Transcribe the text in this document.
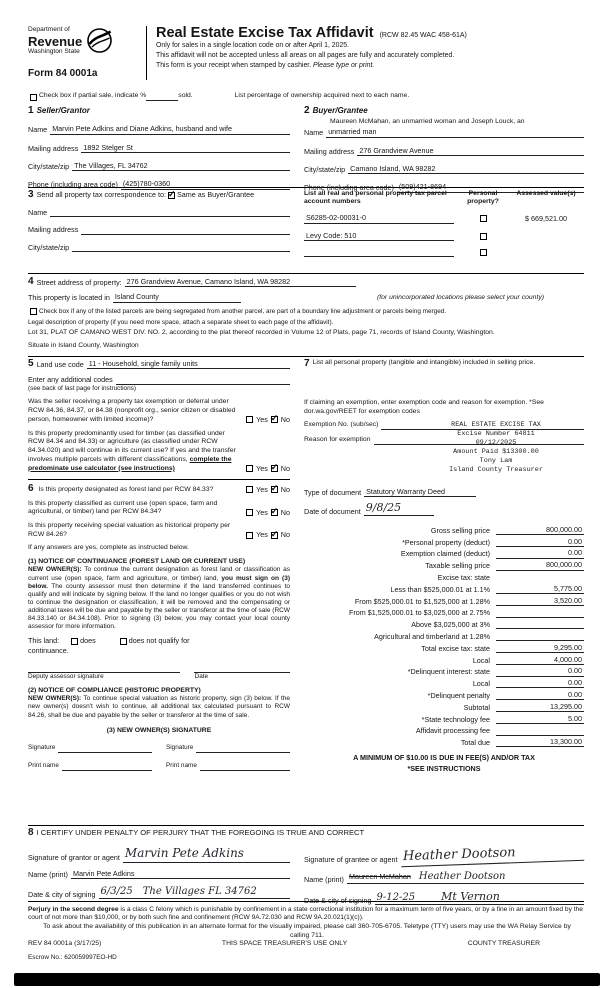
Department of
Revenue
Washington State
Form 84 0001a
Real Estate Excise Tax Affidavit (RCW 82.45 WAC 458-61A)
Only for sales in a single location code on or after April 1, 2025.
This affidavit will not be accepted unless all areas on all pages are fully and accurately completed.
This form is your receipt when stamped by cashier. Please type or print.
Check box if partial sale, indicate %	sold.	List percentage of ownership acquired next to each name.
1 Seller/Grantor
Name Marvin Pete Adkins and Diane Adkins, husband and wife
Mailing address 1892 Stelger St
City/state/zip The Villages, FL 34762
Phone (including area code) (425)780-0360
2 Buyer/Grantee
Maureen McMahan, an unmarried woman and Joseph Louck, an
Name unmarried man
Mailing address 276 Grandview Avenue
City/state/zip Camano Island, WA 98282
Phone (including area code) (509)421-8694
3 Send all property tax correspondence to: ✓ Same as Buyer/Grantee
Name
Mailing address
City/state/zip
List all real and personal property tax parcel account numbers
Personal property?
Assessed value(s)
S6285-02-00031-0	$ 669,521.00
Levy Code: 510
4 Street address of property: 276 Grandview Avenue, Camano Island, WA 98282
This property is located in Island County	(for unincorporated locations please select your county)
Check box if any of the listed parcels are being segregated from another parcel, are part of a boundary line adjustment or parcels being merged.
Legal description of property (if you need more space, attach a separate sheet to each page of the affidavit).
Lot 31, PLAT OF CAMANO WEST DIV. NO. 2, according to the plat thereof recorded in Volume 12 of Plats, page 71, records of Island County, Washington.
Situate in Island County, Washington
5 Land use code 11 - Household, single family units
Enter any additional codes
(see back of last page for instructions)

Was the seller receiving a property tax exemption or deferral under RCW 84.36, 84.37, or 84.38 (nonprofit org., senior citizen or disabled person, homeowner with limited income)?	Yes ✓ No

Is this property predominantly used for timber (as classified under RCW 84.34 and 84.33) or agriculture (as classified under RCW 84.34.020) and will continue in its current use? If yes and the transfer involves multiple parcels with different classifications, complete the predominate use calculator (see instructions)	Yes ✓ No

6 Is this property designated as forest land per RCW 84.33?	Yes ✓ No

Is this property classified as current use (open space, farm and agricultural, or timber) land per RCW 84.34?	Yes ✓ No

Is this property receiving special valuation as historical property per RCW 84.26?	Yes ✓ No
If any answers are yes, complete as instructed below.
(1) NOTICE OF CONTINUANCE (FOREST LAND OR CURRENT USE)

NEW OWNER(S): To continue the current designation as forest land or classification as current use (open space, farm and agriculture, or timber) land, you must sign on (3) below. The county assessor must then determine if the land transferred continues to qualify and will indicate by signing below. If the land no longer qualifies or you do not wish to continue the designation or classification, it will be removed and the compensating or additional taxes will be due and payable by the seller or transferor at the time of sale (RCW 84.33.140 or 84.34.108). Prior to signing (3) below, you may contact your local county assessor for more information.

This land:	does	does not qualify for
continuance.
Deputy assessor signature	Date
(2) NOTICE OF COMPLIANCE (HISTORIC PROPERTY)

NEW OWNER(S): To continue special valuation as historic property, sign (3) below. If the new owner(s) doesn't wish to continue, all additional tax calculated pursuant to RCW 84.26, shall be due and payable by the seller or transferor at the time of sale.

(3) NEW OWNER(S) SIGNATURE
Signature	Signature
Print name	Print name
7 List all personal property (tangible and intangible) included in selling price.
If claiming an exemption, enter exemption code and reason for exemption. *See dor.wa.gov/REET for exemption codes
Exemption No. (sub/sec)
Reason for exemption
REAL ESTATE EXCISE TAX
Excise Number 64811
09/12/2025
Amount Paid $13300.00
Tony Lam
Island County Treasurer
Type of document Statutory Warranty Deed
Date of document 9/8/25
Gross selling price	800,000.00
*Personal property (deduct)	0.00
Exemption claimed (deduct)	0.00
Taxable selling price	800,000.00
Excise tax: state
Less than $525,000.01 at 1.1%	5,775.00
From $525,000.01 to $1,525,000 at 1.28%	3,520.00
From $1,525,000.01 to $3,025,000 at 2.75%
Above $3,025,000 at 3%
Agricultural and timberland at 1.28%
Total excise tax: state	9,295.00
Local	4,000.00
*Delinquent interest: state	0.00
Local	0.00
*Delinquent penalty	0.00
Subtotal	13,295.00
*State technology fee	5.00
Affidavit processing fee
Total due	13,300.00
A MINIMUM OF $10.00 IS DUE IN FEE(S) AND/OR TAX
*SEE INSTRUCTIONS
8 I CERTIFY UNDER PENALTY OF PERJURY THAT THE FOREGOING IS TRUE AND CORRECT
Signature of grantor or agent Marvin Pete Adkins
Name (print) Marvin Pete Adkins
Date & city of signing 6/3/25 The Villages FL 34762
Signature of grantee or agent Heather Dootson
Name (print) Maureen McMahan Heather Dootson
Date & city of signing 9-12-25 Mt Vernon

Perjury in the second degree is a class C felony which is punishable by confinement in a state correctional institution for a maximum term of five years, or by a fine in an amount fixed by the court of not more than $10,000, or by both such fine and confinement (RCW 9A.72.030 and RCW 9A.20.021(1)(c)).

To ask about the availability of this publication in an alternate format for the visually impaired, please call 360-705-6705. Teletype (TTY) users may use the WA Relay Service by calling 711.
REV 84 0001a (3/17/25)	THIS SPACE TREASURER'S USE ONLY	COUNTY TREASURER
Escrow No.: 620059997EO-HD
